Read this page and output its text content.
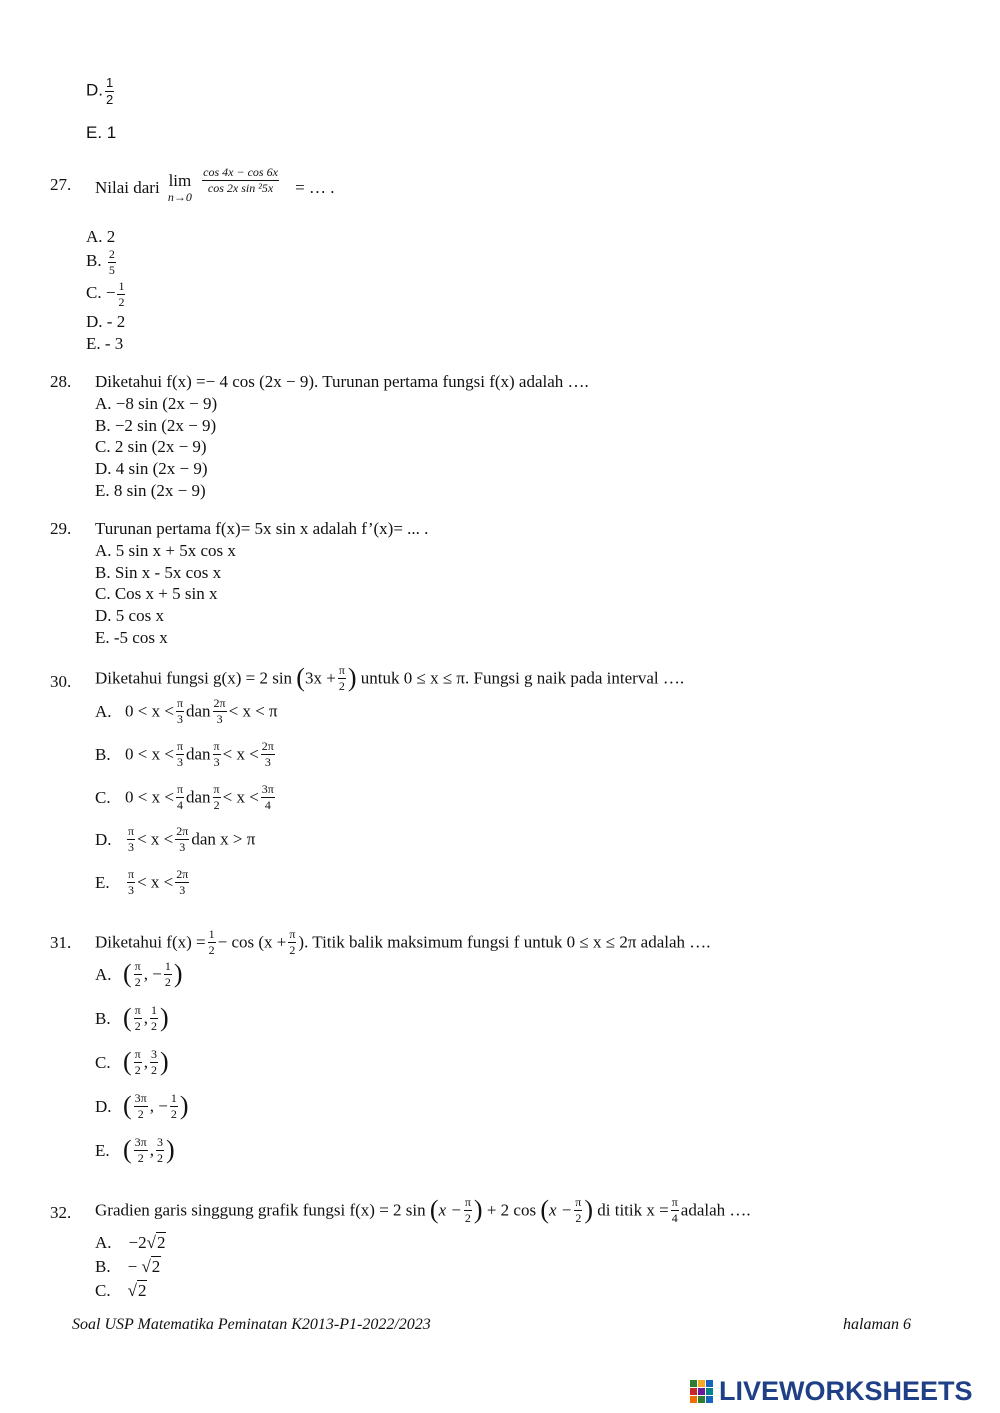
D. $\frac{1}{2}$
E. 1
27. Nilai dari lim
n→0

$\frac{\cos 4x - \cos 6x}{\text{cos 2x sin ²5x}}$ = … .
A. 2
B. $\frac{2}{5}$
C. − $\frac{1}{2}$
D. - 2
E. - 3
28. Diketahui f(x) =− 4 cos (2x − 9). Turunan pertama fungsi f(x) adalah ….
A. −8 sin (2x − 9)
B. −2 sin (2x − 9)
C. 2 sin (2x − 9)
D. 4 sin (2x − 9)
E. 8 sin (2x − 9)
29. Turunan pertama f(x)= 5x sin x adalah f’(x)= ... .
A. 5 sin x + 5x cos x
B. Sin x - 5x cos x
C. Cos x + 5 sin x
D. 5 cos x
E. -5 cos x
30. Diketahui fungsi g(x) = 2 $\sin (3x + \frac{\pi}{2}$ ) untuk 0 ≤ x ≤ π. Fungsi g naik pada interval ….
A. $0 < x < \frac{\pi}{3}$ dan $\frac{2\pi}{3} < x < \pi$
B. $0 < x < \frac{\pi}{3}$ dan $\frac{\pi}{3} < x < \frac{2\pi}{3}$
C. $0 < x < \frac{\pi}{4}$ dan $\frac{\pi}{2} < x < \frac{3\pi}{4}$
D. $\frac{\pi}{3} < x < \frac{2\pi}{3}$ dan x > π
E. $\frac{\pi}{3} < x < \frac{2\pi}{3}$
31. Diketahui $f(x) = \frac{1}{2} - \cos (x + \frac{\pi}{2}$ ). Titik balik maksimum fungsi f untuk 0 ≤ x ≤ 2π adalah ….
A. ( $\frac{\pi}{2}$ , − $\frac{1}{2}$ )
B. ( $\frac{\pi}{2}$ , $\frac{1}{2}$ )
C. ( $\frac{\pi}{2}$ , $\frac{3}{2}$ )
D. ( $\frac{3\pi}{2}$ , − $\frac{1}{2}$ )
E. ( $\frac{3\pi}{2}$ , $\frac{3}{2}$ )
32. Gradien garis singgung grafik fungsi f(x) = 2 $\sin (x - \frac{\pi}{2}$ ) + 2 $\cos (x - \frac{\pi}{2}$ ) di titik $x = \frac{\pi}{4}$ adalah ….
A.    −2√2
B.    − √2
C.    √2
Soal USP Matematika Peminatan K2013-P1-2022/2023	halaman 6
LIVEWORKSHEETS
